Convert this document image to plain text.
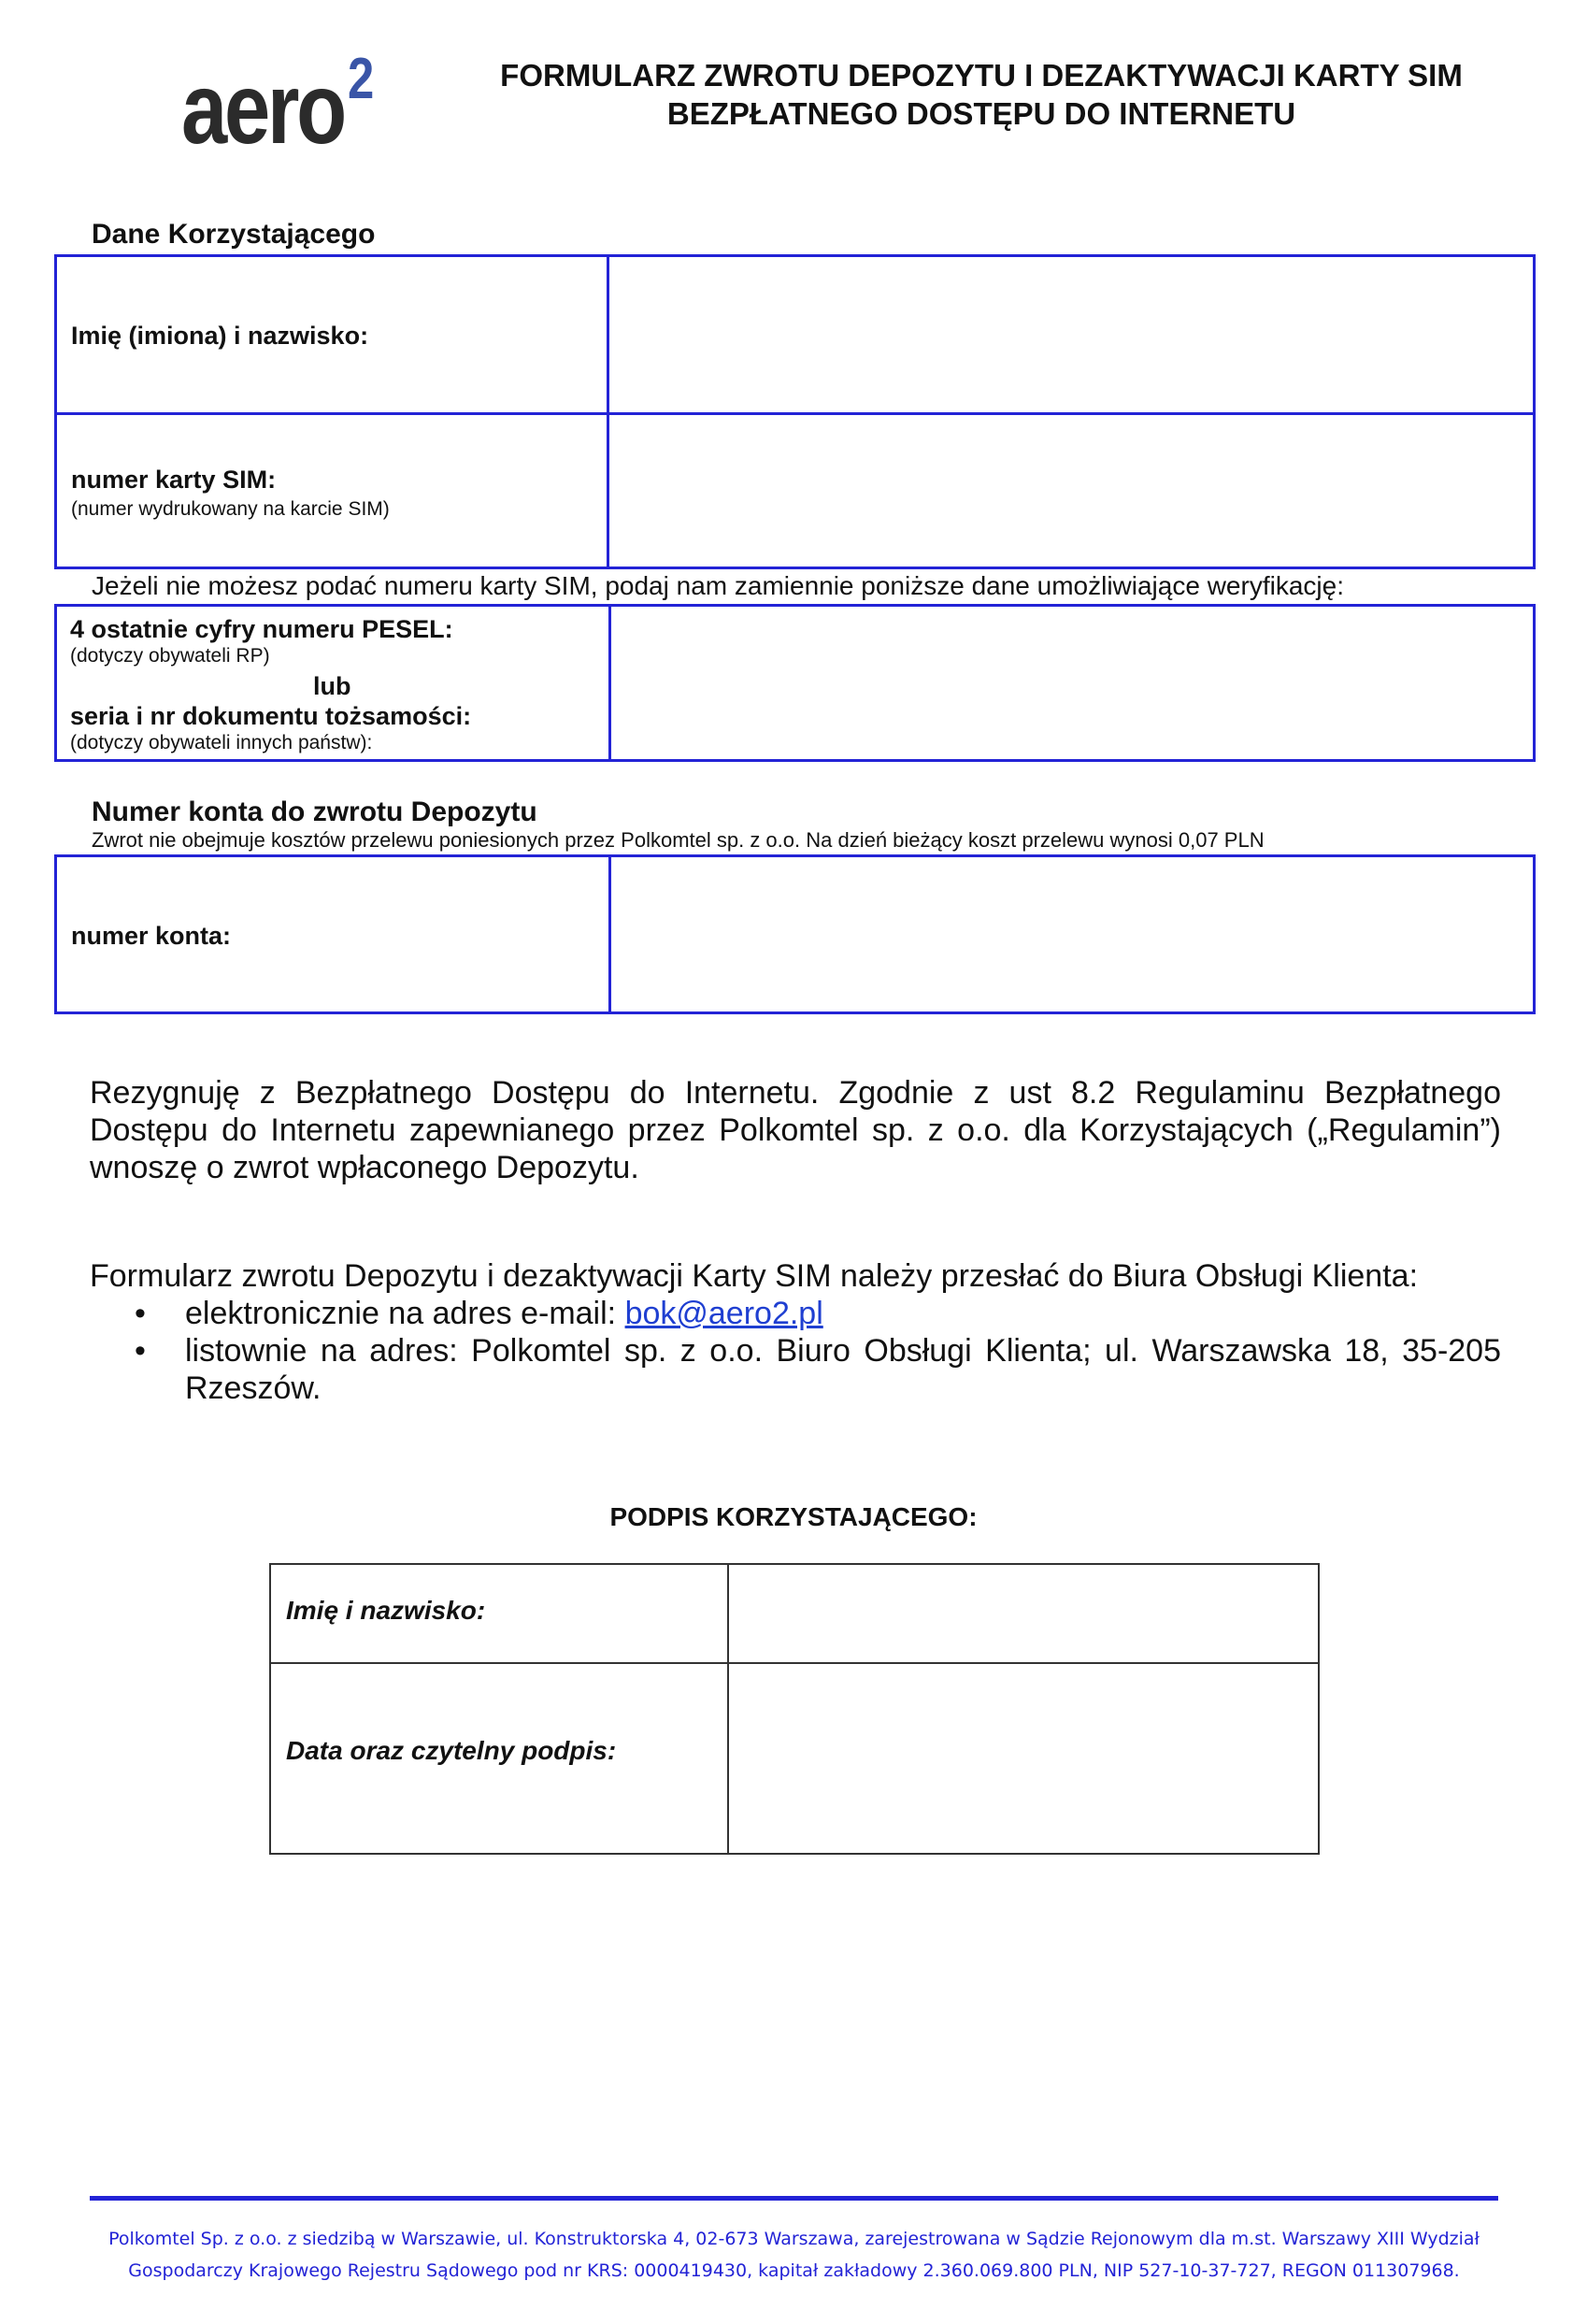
aero 2	FORMULARZ ZWROTU DEPOZYTU I DEZAKTYWACJI KARTY SIM
BEZPŁATNEGO DOSTĘPU DO INTERNETU
Dane Korzystającego
Imię (imiona) i nazwisko:
numer karty SIM:
(numer wydrukowany na karcie SIM)
Jeżeli nie możesz podać numeru karty SIM, podaj nam zamiennie poniższe dane umożliwiające weryfikację:
4 ostatnie cyfry numeru PESEL:
(dotyczy obywateli RP)
lub
seria i nr dokumentu tożsamości:
(dotyczy obywateli innych państw):
Numer konta do zwrotu Depozytu
Zwrot nie obejmuje kosztów przelewu poniesionych przez Polkomtel sp. z o.o. Na dzień bieżący koszt przelewu wynosi 0,07 PLN
numer konta:
Rezygnuję z Bezpłatnego Dostępu do Internetu. Zgodnie z ust 8.2 Regulaminu Bezpłatnego
Dostępu do Internetu zapewnianego przez Polkomtel sp. z o.o. dla Korzystających („Regulamin”)
wnoszę o zwrot wpłaconego Depozytu.
Formularz zwrotu Depozytu i dezaktywacji Karty SIM należy przesłać do Biura Obsługi Klienta:
• elektronicznie na adres e-mail: bok@aero2.pl
• listownie na adres: Polkomtel sp. z o.o. Biuro Obsługi Klienta; ul. Warszawska 18, 35-205
Rzeszów.
PODPIS KORZYSTAJĄCEGO:
Imię i nazwisko:
Data oraz czytelny podpis:
Polkomtel Sp. z o.o. z siedzibą w Warszawie, ul. Konstruktorska 4, 02-673 Warszawa, zarejestrowana w Sądzie Rejonowym dla m.st. Warszawy XIII Wydział
Gospodarczy Krajowego Rejestru Sądowego pod nr KRS: 0000419430, kapitał zakładowy 2.360.069.800 PLN, NIP 527-10-37-727, REGON 011307968.
